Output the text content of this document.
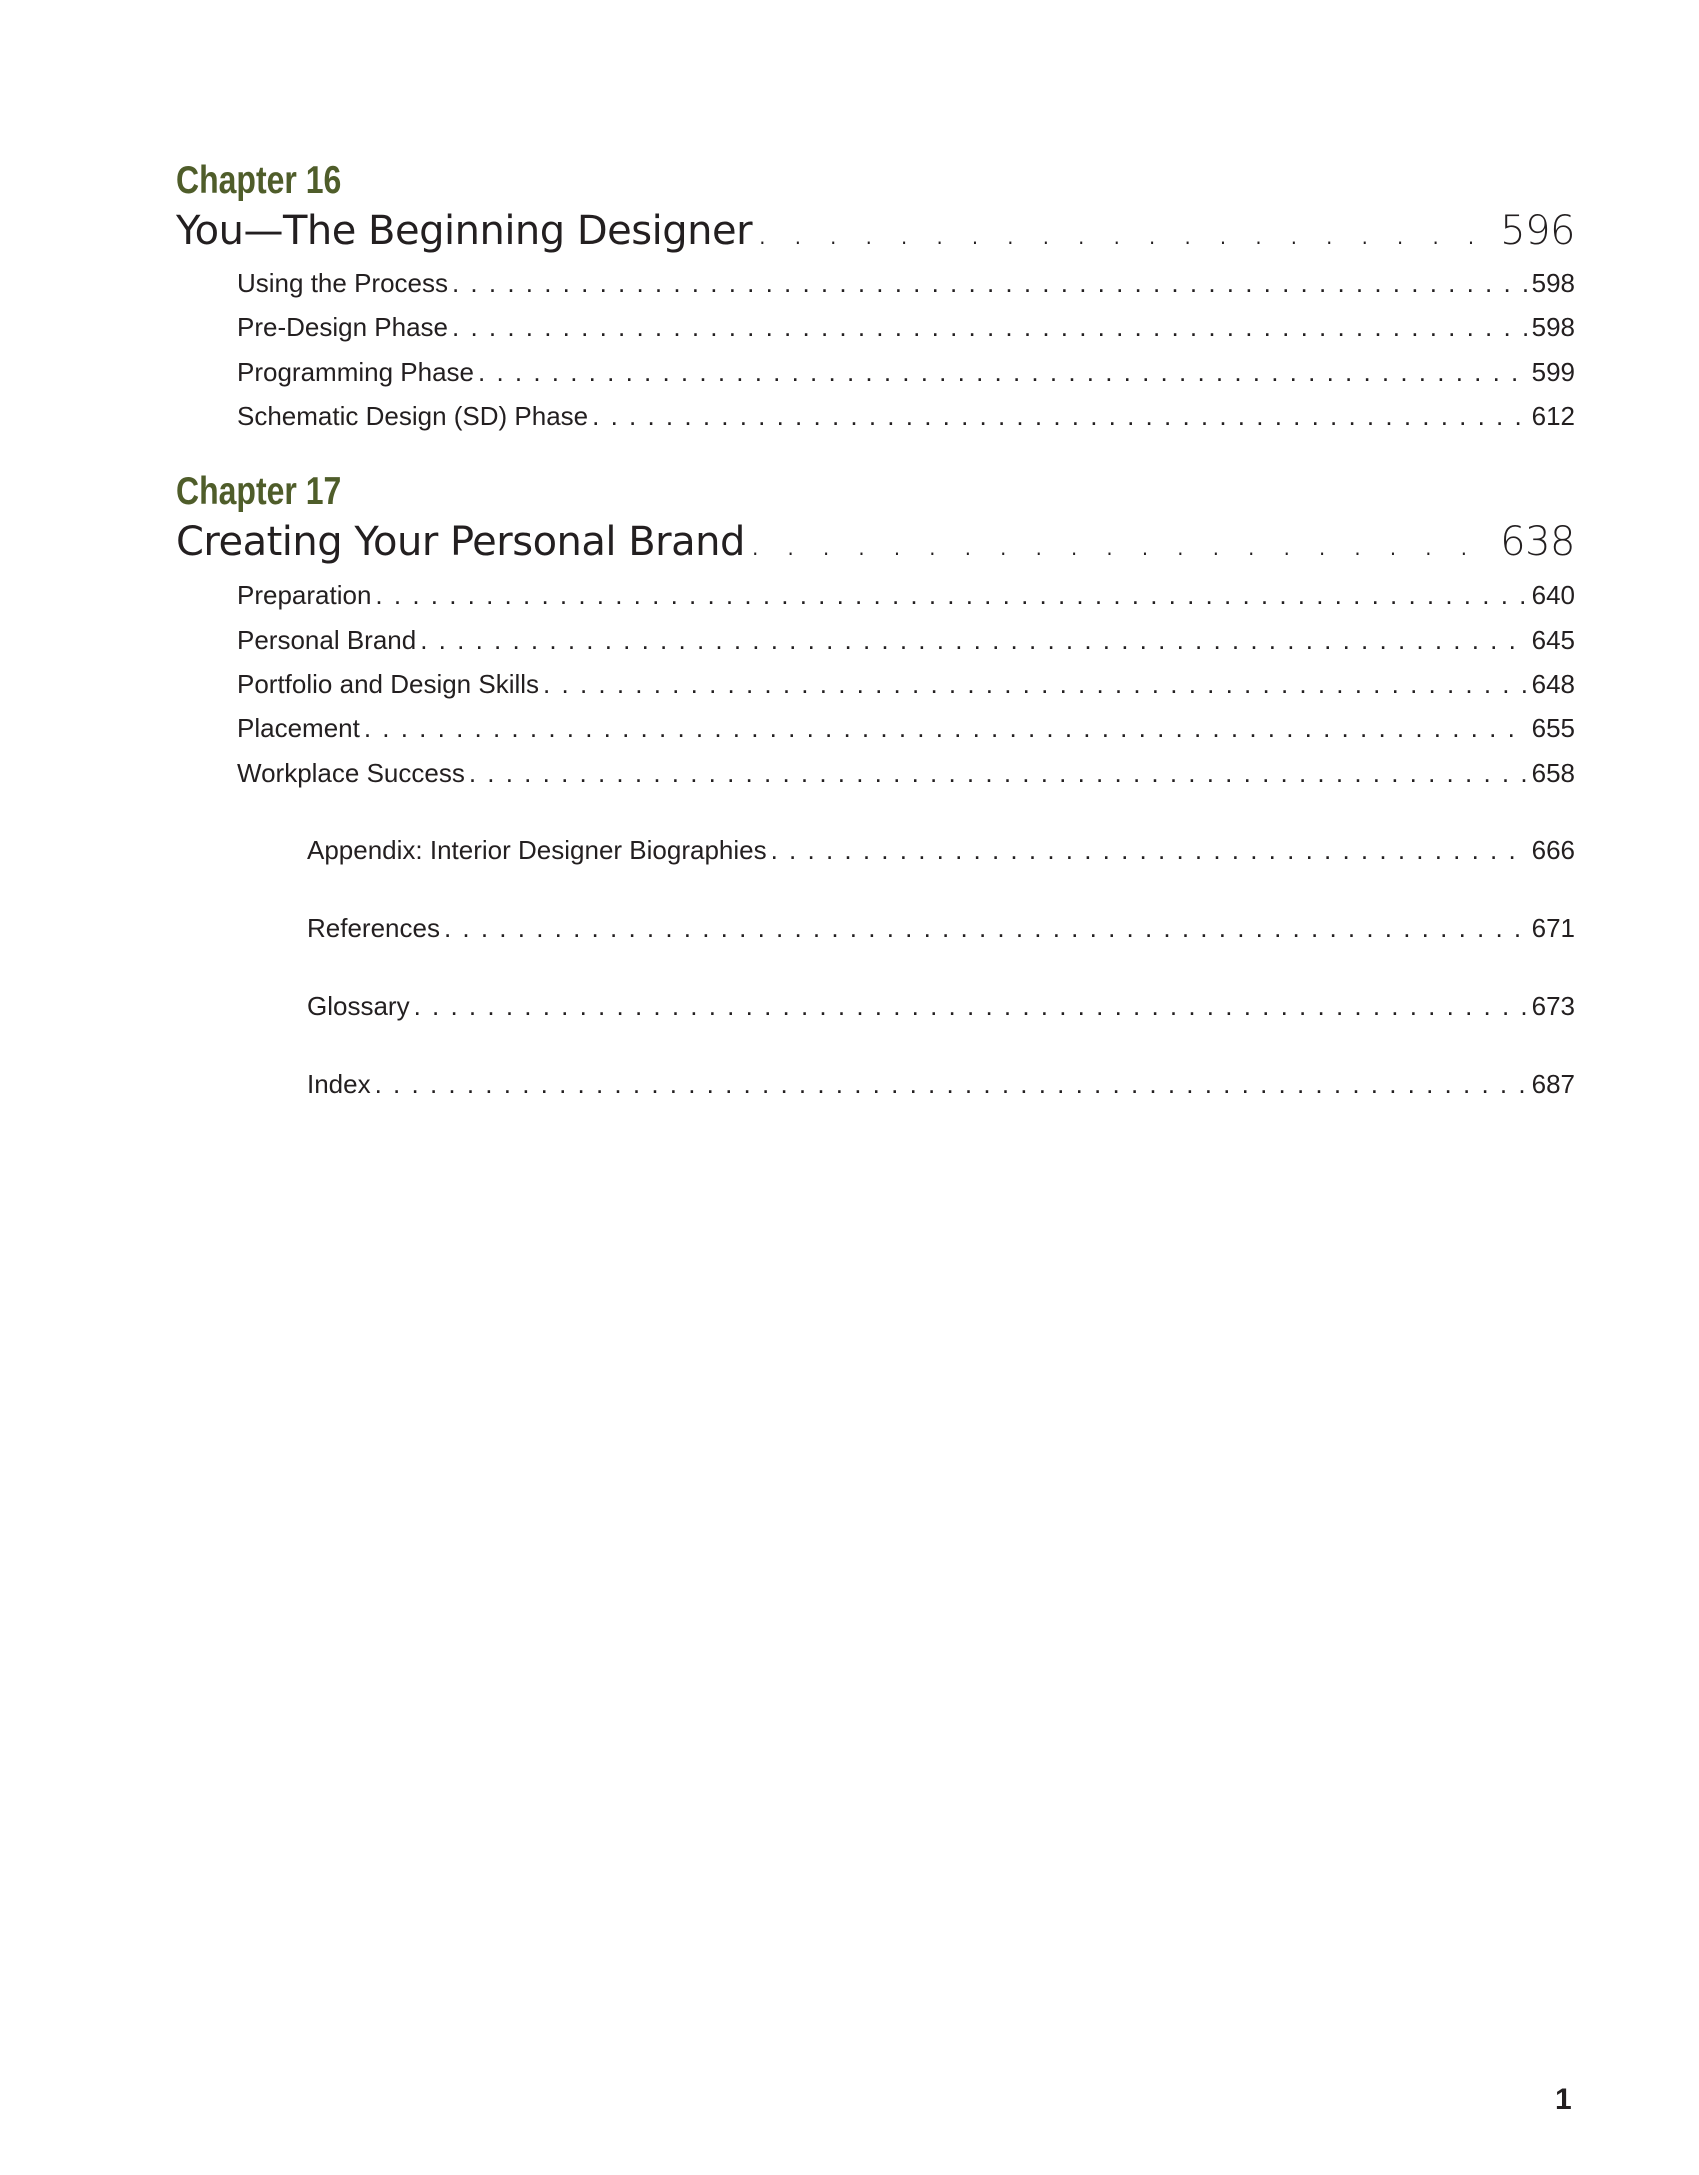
Chapter 16
You—The Beginning Designer . . .	596
Using the Process . . .	598
Pre-Design Phase . . .	598
Programming Phase . . .	599
Schematic Design (SD) Phase . . .	612
Chapter 17
Creating Your Personal Brand . . .	638
Preparation . . .	640
Personal Brand . . .	645
Portfolio and Design Skills . . .	648
Placement . . .	655
Workplace Success . . .	658
Appendix: Interior Designer Biographies . . .	666
References . . .	671
Glossary . . .	673
Index . . .	687
1
